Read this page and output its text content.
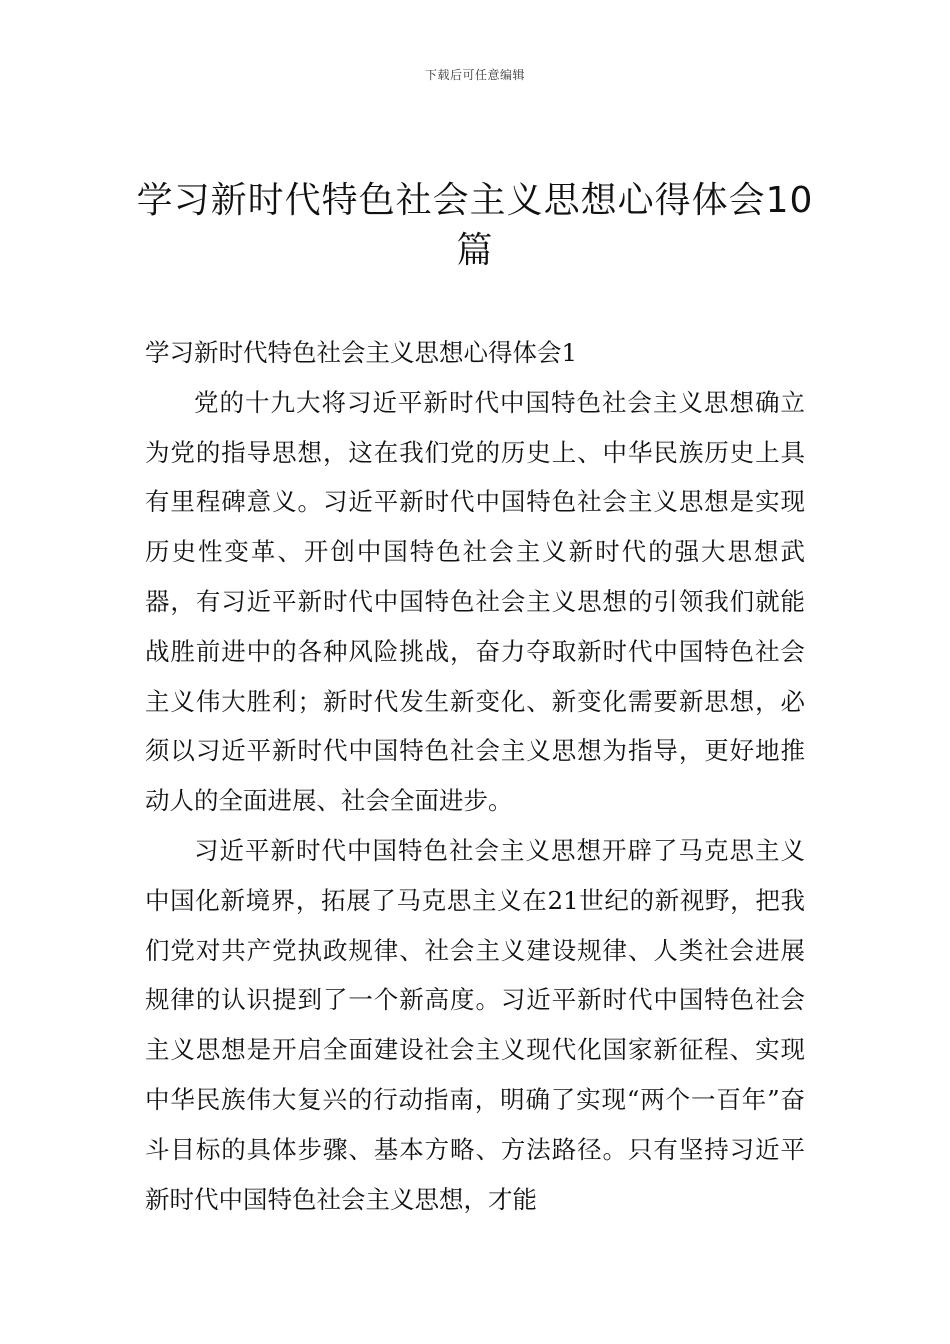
下载后可任意编辑
学习新时代特色社会主义思想心得体会10篇
学习新时代特色社会主义思想心得体会1

党的十九大将习近平新时代中国特色社会主义思想确立为党的指导思想，这在我们党的历史上、中华民族历史上具有里程碑意义。习近平新时代中国特色社会主义思想是实现历史性变革、开创中国特色社会主义新时代的强大思想武器，有习近平新时代中国特色社会主义思想的引领我们就能战胜前进中的各种风险挑战，奋力夺取新时代中国特色社会主义伟大胜利；新时代发生新变化、新变化需要新思想，必须以习近平新时代中国特色社会主义思想为指导，更好地推动人的全面进展、社会全面进步。

习近平新时代中国特色社会主义思想开辟了马克思主义中国化新境界，拓展了马克思主义在21世纪的新视野，把我们党对共产党执政规律、社会主义建设规律、人类社会进展规律的认识提到了一个新高度。习近平新时代中国特色社会主义思想是开启全面建设社会主义现代化国家新征程、实现中华民族伟大复兴的行动指南，明确了实现“两个一百年”奋斗目标的具体步骤、基本方略、方法路径。只有坚持习近平新时代中国特色社会主义思想，才能
